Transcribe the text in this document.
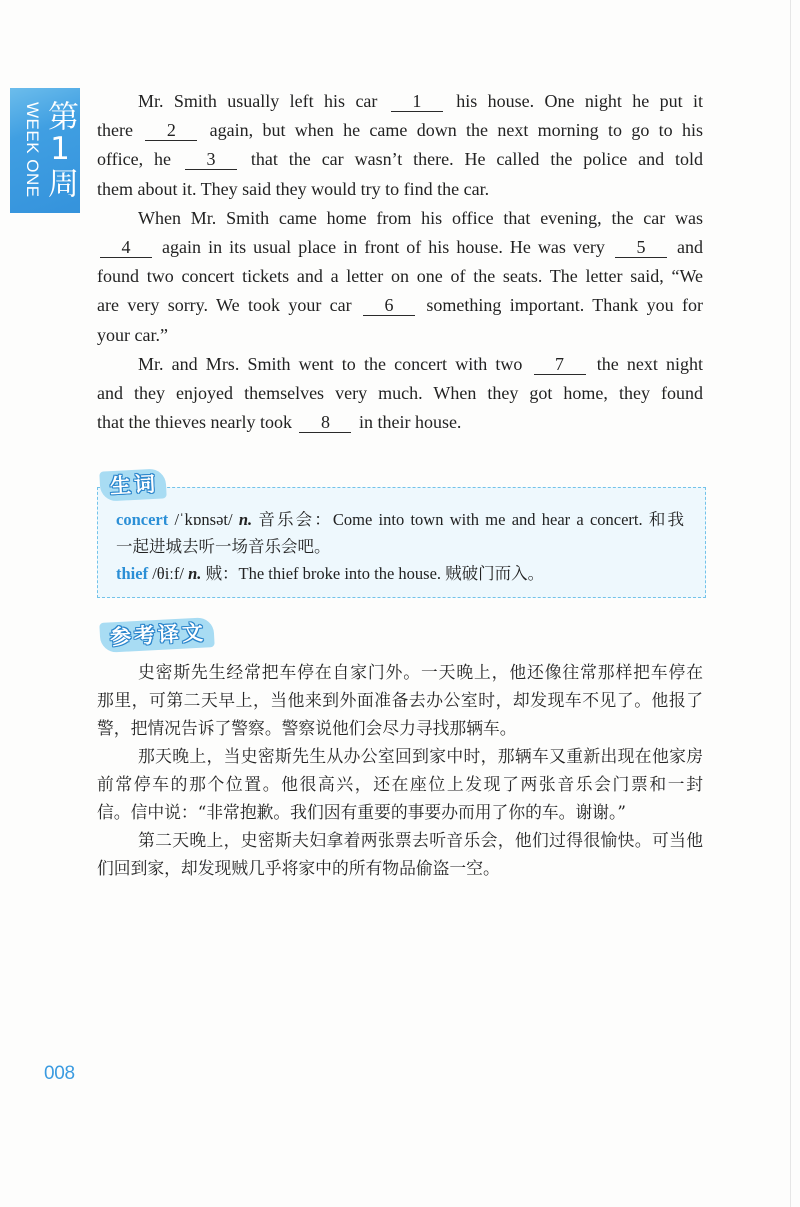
WEEK ONE 第1周	Mr. Smith usually left his car 1 his house. One night he put it
there 2 again, but when he came down the next morning to go to his
office, he 3 that the car wasn’t there. He called the police and told
them about it. They said they would try to find the car.
When Mr. Smith came home from his office that evening, the car was
4 again in its usual place in front of his house. He was very 5 and
found two concert tickets and a letter on one of the seats. The letter said, “We
are very sorry. We took your car 6 something important. Thank you for
your car.”
Mr. and Mrs. Smith went to the concert with two 7 the next night
and they enjoyed themselves very much. When they got home, they found
that the thieves nearly took 8 in their house.
concert /ˈkɒnsət/ n. 音乐会：Come into town with me and hear a concert. 和我
一起进城去听一场音乐会吧。
thief /θiːf/ n. 贼：The thief broke into the house. 贼破门而入。
生词
参考译文
史密斯先生经常把车停在自家门外。一天晚上，他还像往常那样把车停在
那里，可第二天早上，当他来到外面准备去办公室时，却发现车不见了。他报了
警，把情况告诉了警察。警察说他们会尽力寻找那辆车。
那天晚上，当史密斯先生从办公室回到家中时，那辆车又重新出现在他家房
前常停车的那个位置。他很高兴，还在座位上发现了两张音乐会门票和一封
信。信中说：“非常抱歉。我们因有重要的事要办而用了你的车。谢谢。”
第二天晚上，史密斯夫妇拿着两张票去听音乐会，他们过得很愉快。可当他
们回到家，却发现贼几乎将家中的所有物品偷盗一空。
008
